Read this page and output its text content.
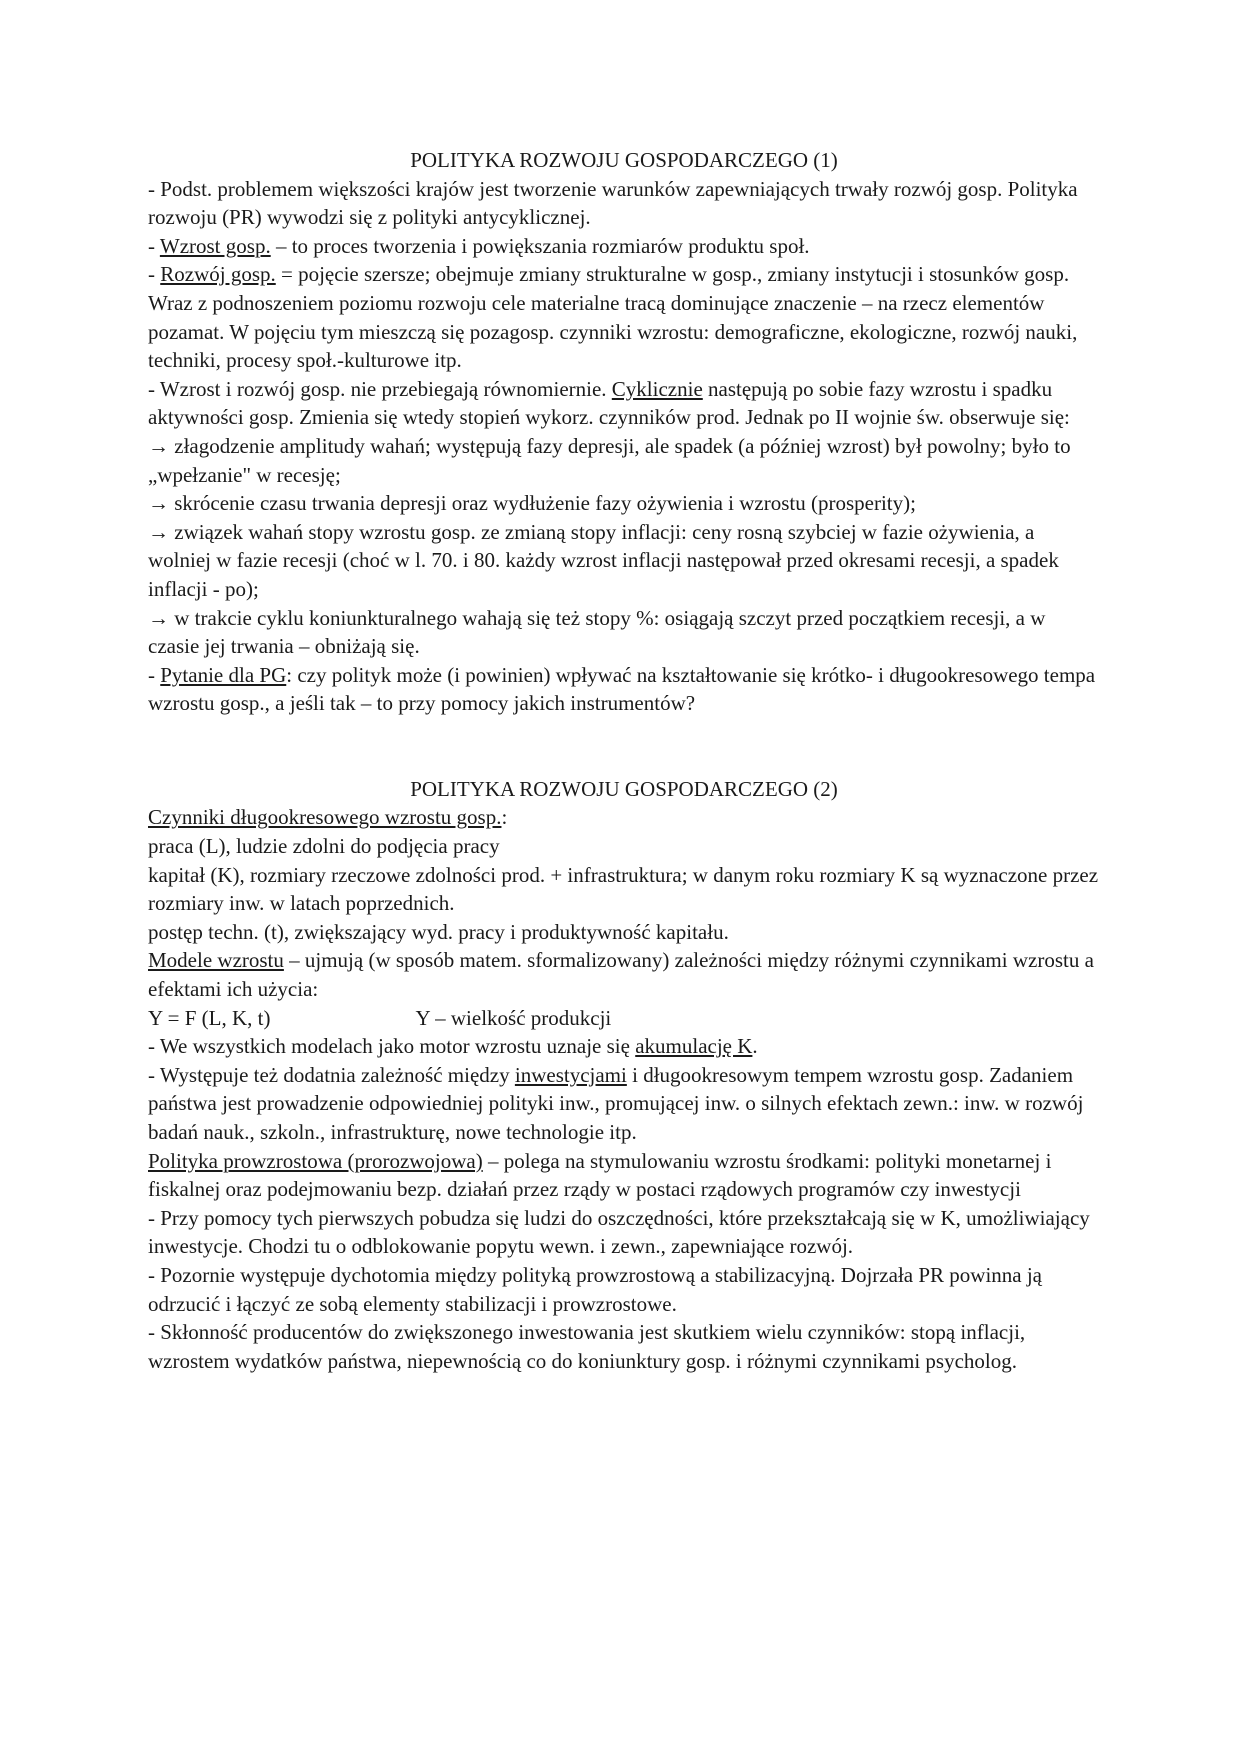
POLITYKA ROZWOJU GOSPODARCZEGO (1)

- Podst. problemem większości krajów jest tworzenie warunków zapewniających trwały rozwój gosp. Polityka rozwoju (PR) wywodzi się z polityki antycyklicznej.

- Wzrost gosp. – to proces tworzenia i powiększania rozmiarów produktu społ.

- Rozwój gosp. = pojęcie szersze; obejmuje zmiany strukturalne w gosp., zmiany instytucji i stosunków gosp. Wraz z podnoszeniem poziomu rozwoju cele materialne tracą dominujące znaczenie – na rzecz elementów pozamat. W pojęciu tym mieszczą się pozagosp. czynniki wzrostu: demograficzne, ekologiczne, rozwój nauki, techniki, procesy społ.-kulturowe itp.

- Wzrost i rozwój gosp. nie przebiegają równomiernie. Cyklicznie następują po sobie fazy wzrostu i spadku aktywności gosp. Zmienia się wtedy stopień wykorz. czynników prod. Jednak po II wojnie św. obserwuje się:

→ złagodzenie amplitudy wahań; występują fazy depresji, ale spadek (a później wzrost) był powolny; było to „wpełzanie" w recesję;

→ skrócenie czasu trwania depresji oraz wydłużenie fazy ożywienia i wzrostu (prosperity);

→ związek wahań stopy wzrostu gosp. ze zmianą stopy inflacji: ceny rosną szybciej w fazie ożywienia, a wolniej w fazie recesji (choć w l. 70. i 80. każdy wzrost inflacji następował przed okresami recesji, a spadek inflacji - po);

→ w trakcie cyklu koniunkturalnego wahają się też stopy %: osiągają szczyt przed początkiem recesji, a w czasie jej trwania – obniżają się.

- Pytanie dla PG: czy polityk może (i powinien) wpływać na kształtowanie się krótko- i długookresowego tempa wzrostu gosp., a jeśli tak – to przy pomocy jakich instrumentów?

POLITYKA ROZWOJU GOSPODARCZEGO (2)

Czynniki długookresowego wzrostu gosp.:

praca (L), ludzie zdolni do podjęcia pracy

kapitał (K), rozmiary rzeczowe zdolności prod. + infrastruktura; w danym roku rozmiary K są wyznaczone przez rozmiary inw. w latach poprzednich.

postęp techn. (t), zwiększający wyd. pracy i produktywność kapitału.

Modele wzrostu – ujmują (w sposób matem. sformalizowany) zależności między różnymi czynnikami wzrostu a efektami ich użycia:

Y = F (L, K, t)	Y – wielkość produkcji

- We wszystkich modelach jako motor wzrostu uznaje się akumulację K.

- Występuje też dodatnia zależność między inwestycjami i długookresowym tempem wzrostu gosp. Zadaniem państwa jest prowadzenie odpowiedniej polityki inw., promującej inw. o silnych efektach zewn.: inw. w rozwój badań nauk., szkoln., infrastrukturę, nowe technologie itp.

Polityka prowzrostowa (prorozwojowa) – polega na stymulowaniu wzrostu środkami: polityki monetarnej i fiskalnej oraz podejmowaniu bezp. działań przez rządy w postaci rządowych programów czy inwestycji

- Przy pomocy tych pierwszych pobudza się ludzi do oszczędności, które przekształcają się w K, umożliwiający inwestycje. Chodzi tu o odblokowanie popytu wewn. i zewn., zapewniające rozwój.

- Pozornie występuje dychotomia między polityką prowzrostową a stabilizacyjną. Dojrzała PR powinna ją odrzucić i łączyć ze sobą elementy stabilizacji i prowzrostowe.

- Skłonność producentów do zwiększonego inwestowania jest skutkiem wielu czynników: stopą inflacji, wzrostem wydatków państwa, niepewnością co do koniunktury gosp. i różnymi czynnikami psycholog.
